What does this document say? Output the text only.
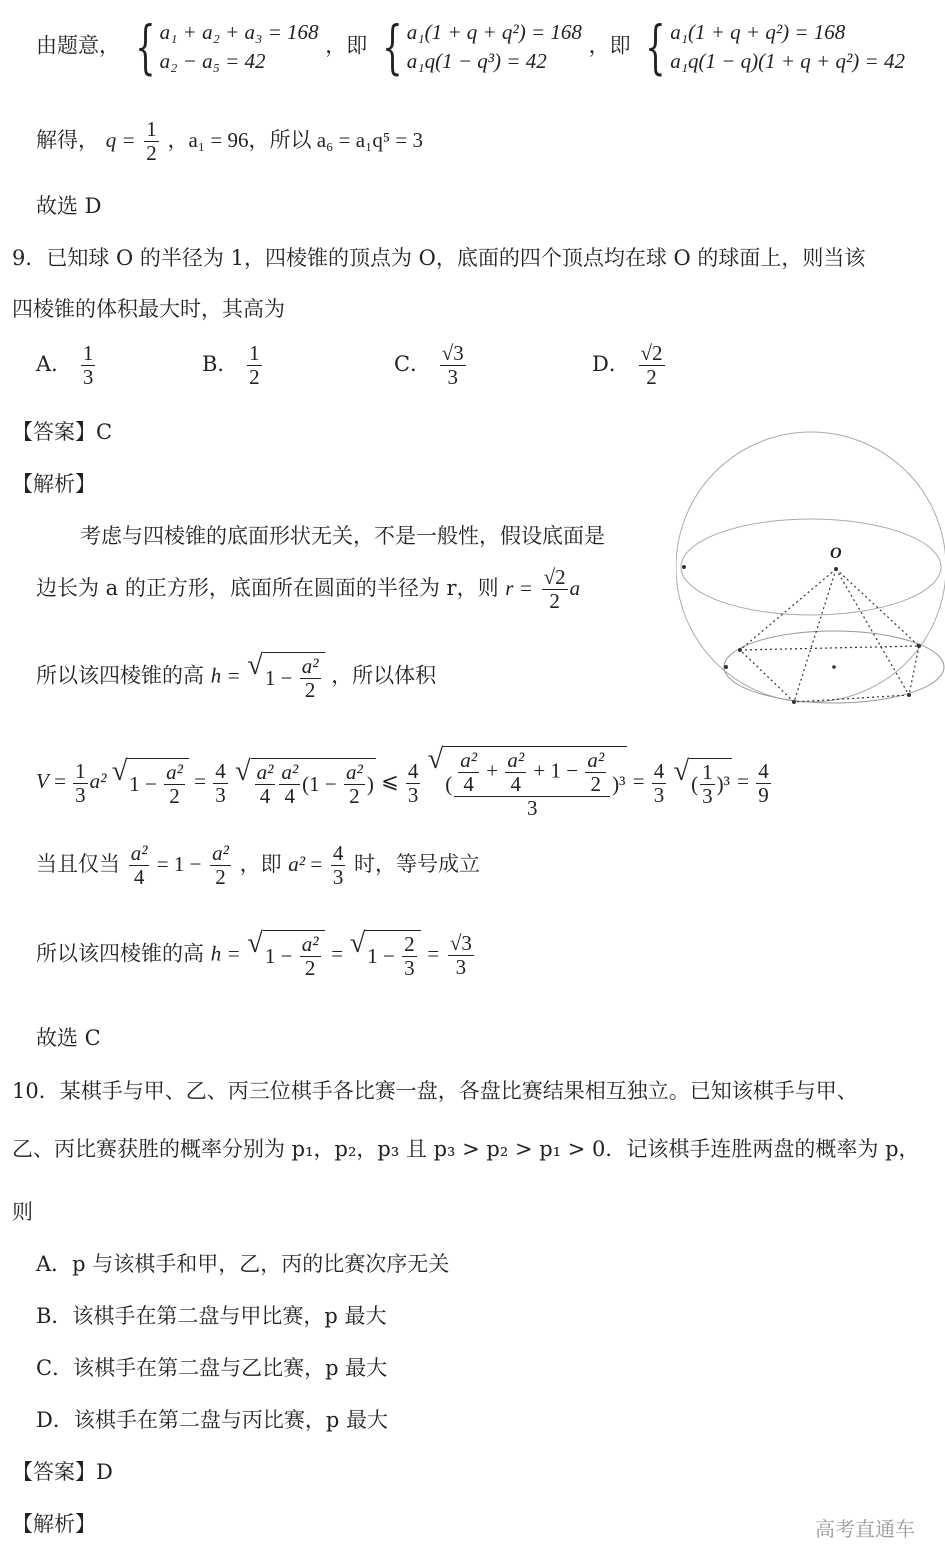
由题意， { a₁ + a₂ + a₃ = 168
a₂ − a₅ = 42
，即 { a₁(1 + q + q²) = 168
a₁q(1 − q³) = 42
，即 { a₁(1 + q + q²) = 168
a₁q(1 − q)(1 + q + q²) = 42
解得， $q = \frac{1}{2}$ ，a₁ = 96，所以 a₆ = a₁q⁵ = 3
故选 D
9．已知球 O 的半径为 1，四棱锥的顶点为 O，底面的四个顶点均在球 O 的球面上，则当该
四棱锥的体积最大时，其高为
A． $\frac{1}{3}$	B． $\frac{1}{2}$	C． $\frac{√3}{3}$	D． $\frac{√2}{2}$
【答案】C
【解析】
考虑与四棱锥的底面形状无关，不是一般性，假设底面是
边长为 a 的正方形，底面所在圆面的半径为 r，则 $r = \frac{√2}{2}$ a
所以该四棱锥的高 h = √ $1 - \frac{\text{a²}}{2}$ ，所以体积
$V = \frac{1}{3} a^2$ √ $1 - \frac{\text{a²}}{2} = \frac{4}{3}$
√ $\frac{\text{a²}}{4} \frac{\text{a²}}{4} (1 - \frac{\text{a²}}{2}$ ) ⩽ $\frac{4}{3}$

√
( $\frac{\frac{\text{a²}}{4} + \frac{\text{a²}}{4} + 1 - \frac{\text{a²}}{2}}{3} )^3 = \frac{4}{3}$
√ ( $\frac{1}{3} )^3 = \frac{4}{9}$
当且仅当 $\frac{\text{a²}}{4} = 1 - \frac{\text{a²}}{2}$ ，即 $a^2 = \frac{4}{3}$ 时，等号成立
所以该四棱锥的高 h = √ $1 - \frac{\text{a²}}{2}$ = √ $1 - \frac{2}{3} = \frac{√3}{3}$
故选 C
O
10．某棋手与甲、乙、丙三位棋手各比赛一盘，各盘比赛结果相互独立。已知该棋手与甲、
乙、丙比赛获胜的概率分别为 p₁，p₂，p₃ 且 p₃ > p₂ > p₁ > 0．记该棋手连胜两盘的概率为 p，
则
A．p 与该棋手和甲，乙，丙的比赛次序无关
B．该棋手在第二盘与甲比赛，p 最大
C．该棋手在第二盘与乙比赛，p 最大
D．该棋手在第二盘与丙比赛，p 最大
【答案】D
【解析】	高考直通车
